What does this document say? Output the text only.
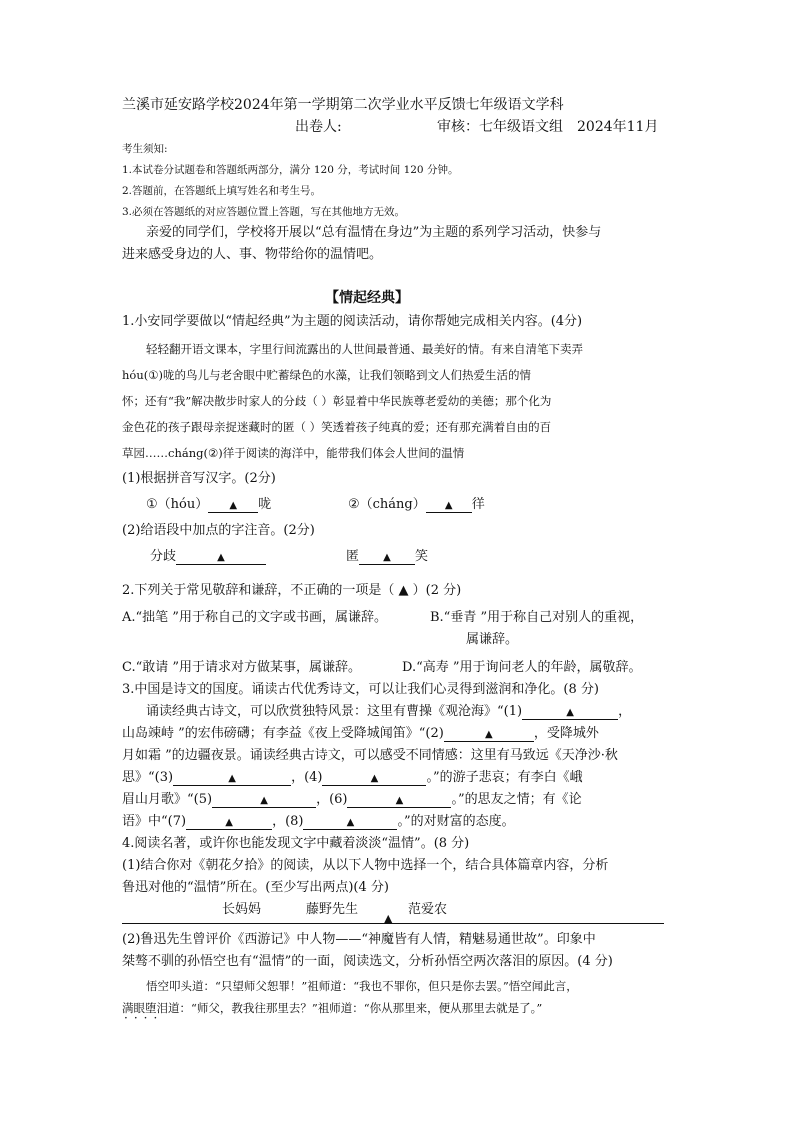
兰溪市延安路学校2024年第一学期第二次学业水平反馈七年级语文学科
出卷人:	审核：七年级语文组　2024年11月
考生须知:
1.本试卷分试题卷和答题纸两部分，满分 120 分，考试时间 120 分钟。
2.答题前，在答题纸上填写姓名和考生号。
3.必须在答题纸的对应答题位置上答题，写在其他地方无效。
亲爱的同学们，学校将开展以“总有温情在身边”为主题的系列学习活动，快参与
进来感受身边的人、事、物带给你的温情吧。
【情起经典】
1.小安同学要做以“情起经典”为主题的阅读活动，请你帮她完成相关内容。(4分)
轻轻翻开语文课本，字里行间流露出的人世间最普通、最美好的情。有来自清笔下卖弄
hóu(①)咙的鸟儿与老舍眼中贮蓄绿色的水藻，让我们领略到文人们热爱生活的情
怀；还有“我”解决散步时家人的分歧（ ）彰显着中华民族尊老爱幼的美德；那个化为
金色花的孩子跟母亲捉迷藏时的匿（ ）笑透着孩子纯真的爱；还有那充满着自由的百
草园……cháng(②)徉于阅读的海洋中，能带我们体会人世间的温情
(1)根据拼音写汉字。(2分)
①（hóu） ▲ 咙	②（cháng） ▲ 徉
(2)给语段中加点的字注音。(2分)
分歧	▲	匿 ▲ 笑
2.下列关于常见敬辞和谦辞，不正确的一项是（ ▲ ）(2 分)
A.“拙笔 ”用于称自己的文字或书画，属谦辞。	B.“垂青 ”用于称自己对别人的重视，
属谦辞。
C.“敢请 ”用于请求对方做某事，属谦辞。	D.“高寿 ”用于询问老人的年龄，属敬辞。
3.中国是诗文的国度。诵读古代优秀诗文，可以让我们心灵得到滋润和净化。(8 分)
诵读经典古诗文，可以欣赏独特风景：这里有曹操《观沧海》“(1)	▲	，
山岛竦峙 ”的宏伟磅礴；有李益《夜上受降城闻笛》“(2)	▲	，受降城外
月如霜 ”的边疆夜景。诵读经典古诗文，可以感受不同情感：这里有马致远《天净沙·秋
思》“(3)	▲	，(4)	▲	。”的游子悲哀；有李白《峨
眉山月歌》“(5)	▲	，(6)	▲	。”的思友之情；有《论
语》中“(7)	▲	，(8)	▲	。”的对财富的态度。
4.阅读名著，或许你也能发现文字中藏着淡淡“温情”。(8 分)
(1)结合你对《朝花夕拾》的阅读，从以下人物中选择一个，结合具体篇章内容，分析
鲁迅对他的“温情”所在。(至少写出两点)(4 分)
长妈妈	藤野先生	范爱农
▲
(2)鲁迅先生曾评价《西游记》中人物——“神魔皆有人情，精魅易通世故”。印象中
桀骜不驯的孙悟空也有“温情”的一面，阅读选文，分析孙悟空两次落泪的原因。(4 分)
悟空叩头道：“只望师父恕罪！”祖师道：“我也不罪你，但只是你去罢。”悟空闻此言，
满眼堕泪道：“师父，教我往那里去？”祖师道：“你从那里来，便从那里去就是了。”
····
